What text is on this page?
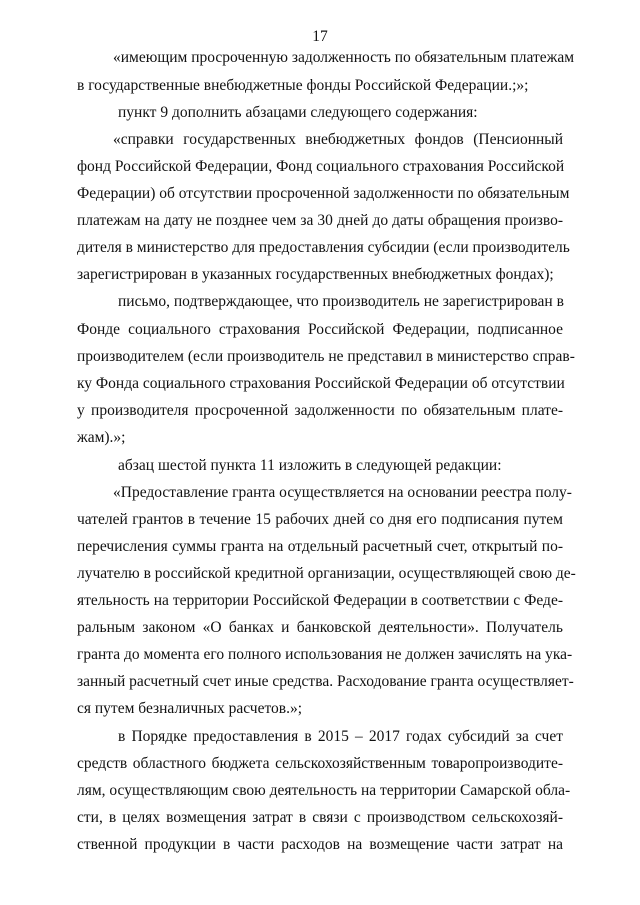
17
«имеющим просроченную задолженность по обязательным платежам
в государственные внебюджетные фонды Российской Федерации.;»;
пункт 9 дополнить абзацами следующего содержания:
«справки государственных внебюджетных фондов (Пенсионный
фонд Российской Федерации, Фонд социального страхования Российской
Федерации) об отсутствии просроченной задолженности по обязательным
платежам на дату не позднее чем за 30 дней до даты обращения произво-
дителя в министерство для предоставления субсидии (если производитель
зарегистрирован в указанных государственных внебюджетных фондах);
письмо, подтверждающее, что производитель не зарегистрирован в
Фонде социального страхования Российской Федерации, подписанное
производителем (если производитель не представил в министерство справ-
ку Фонда социального страхования Российской Федерации об отсутствии
у производителя просроченной задолженности по обязательным плате-
жам).»;
абзац шестой пункта 11 изложить в следующей редакции:
«Предоставление гранта осуществляется на основании реестра полу-
чателей грантов в течение 15 рабочих дней со дня его подписания путем
перечисления суммы гранта на отдельный расчетный счет, открытый по-
лучателю в российской кредитной организации, осуществляющей свою де-
ятельность на территории Российской Федерации в соответствии с Феде-
ральным законом «О банках и банковской деятельности». Получатель
гранта до момента его полного использования не должен зачислять на ука-
занный расчетный счет иные средства. Расходование гранта осуществляет-
ся путем безналичных расчетов.»;
в Порядке предоставления в 2015 – 2017 годах субсидий за счет
средств областного бюджета сельскохозяйственным товаропроизводите-
лям, осуществляющим свою деятельность на территории Самарской обла-
сти, в целях возмещения затрат в связи с производством сельскохозяй-
ственной продукции в части расходов на возмещение части затрат на
